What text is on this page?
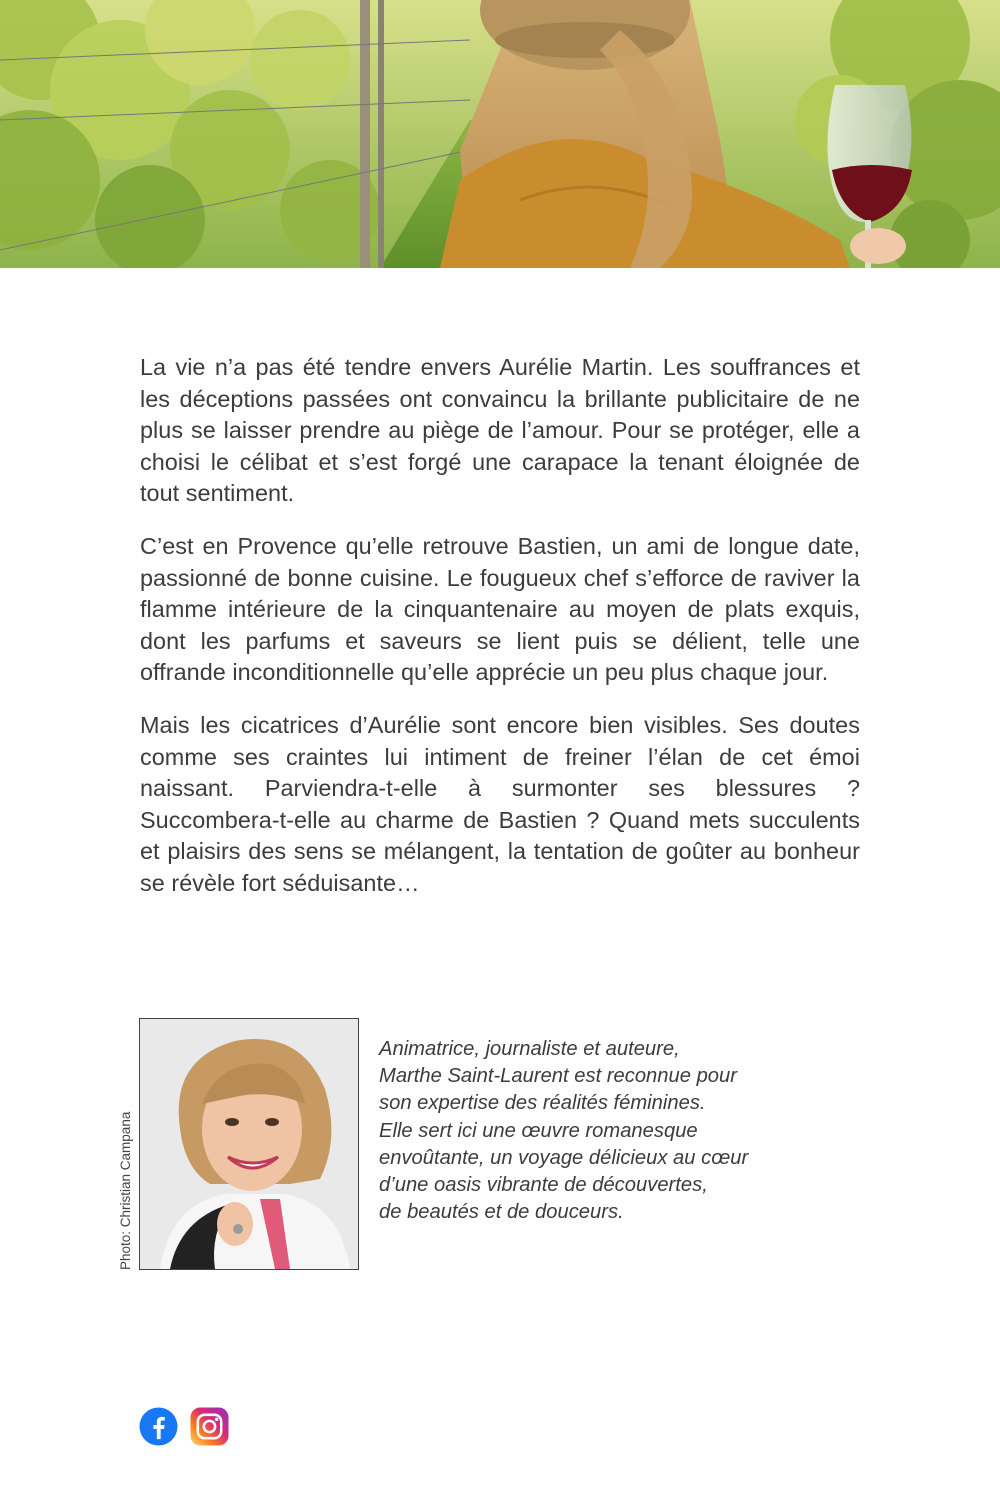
La vie n’a pas été tendre envers Aurélie Martin. Les souffrances et les déceptions passées ont convaincu la brillante publicitaire de ne plus se laisser prendre au piège de l’amour. Pour se protéger, elle a choisi le célibat et s’est forgé une carapace la tenant éloignée de tout sentiment.

C’est en Provence qu’elle retrouve Bastien, un ami de longue date, passionné de bonne cuisine. Le fougueux chef s’efforce de raviver la flamme intérieure de la cinquantenaire au moyen de plats exquis, dont les parfums et saveurs se lient puis se délient, telle une offrande inconditionnelle qu’elle apprécie un peu plus chaque jour.

Mais les cicatrices d’Aurélie sont encore bien visibles. Ses doutes comme ses craintes lui intiment de freiner l’élan de cet émoi naissant. Parviendra-t-elle à surmonter ses blessures ? Succombera-t-elle au charme de Bastien ? Quand mets succulents et plaisirs des sens se mélangent, la tentation de goûter au bonheur se révèle fort séduisante…

Photo: Christian Campana
Animatrice, journaliste et auteure,
Marthe Saint-Laurent est reconnue pour
son expertise des réalités féminines.
Elle sert ici une œuvre romanesque
envoûtante, un voyage délicieux au cœur
d’une oasis vibrante de découvertes,
de beautés et de douceurs.
